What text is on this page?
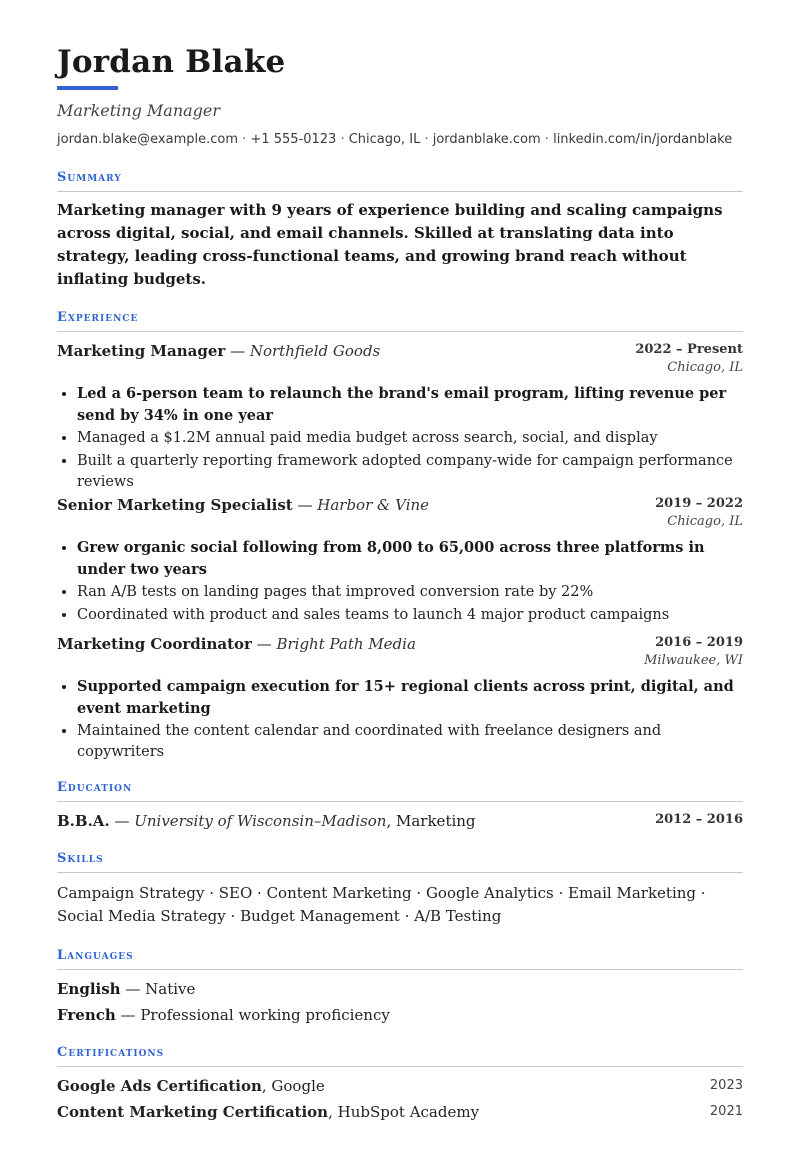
Jordan Blake
Marketing Manager
jordan.blake@example.com · +1 555-0123 · Chicago, IL · jordanblake.com · linkedin.com/in/jordanblake
Summary
Marketing manager with 9 years of experience building and scaling campaigns across digital, social, and email channels. Skilled at translating data into strategy, leading cross-functional teams, and growing brand reach without inflating budgets.
Experience
Marketing Manager — Northfield Goods	2022 – Present
Chicago, IL
• Led a 6-person team to relaunch the brand's email program, lifting revenue per send by 34% in one year
• Managed a $1.2M annual paid media budget across search, social, and display
• Built a quarterly reporting framework adopted company-wide for campaign performance reviews
Senior Marketing Specialist — Harbor & Vine	2019 – 2022
Chicago, IL
• Grew organic social following from 8,000 to 65,000 across three platforms in under two years
• Ran A/B tests on landing pages that improved conversion rate by 22%
• Coordinated with product and sales teams to launch 4 major product campaigns
Marketing Coordinator — Bright Path Media	2016 – 2019
Milwaukee, WI
• Supported campaign execution for 15+ regional clients across print, digital, and event marketing
• Maintained the content calendar and coordinated with freelance designers and copywriters
Education
B.B.A. — University of Wisconsin–Madison, Marketing	2012 – 2016
Skills
Campaign Strategy · SEO · Content Marketing · Google Analytics · Email Marketing · Social Media Strategy · Budget Management · A/B Testing
Languages
English — Native
French — Professional working proficiency
Certifications
Google Ads Certification, Google	2023
Content Marketing Certification, HubSpot Academy	2021
